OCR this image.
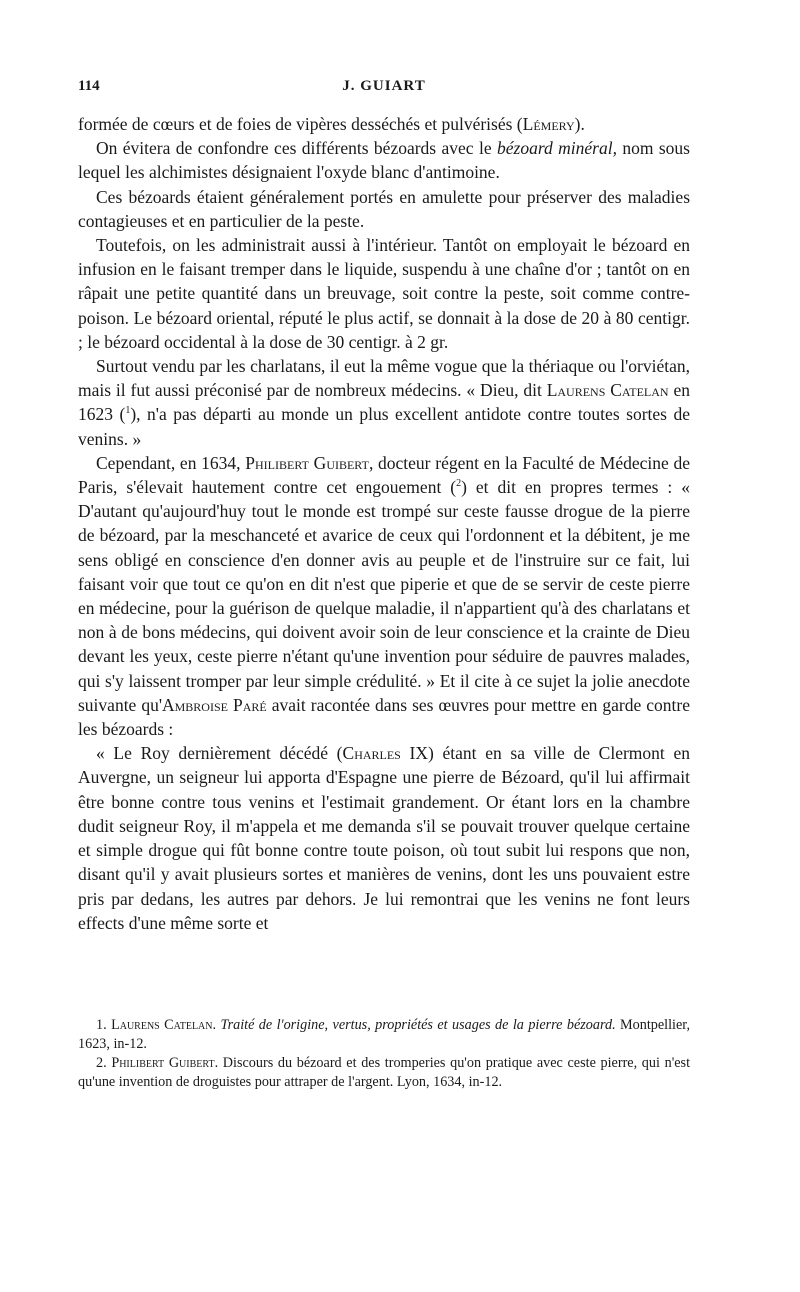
114	J. GUIART

formée de cœurs et de foies de vipères desséchés et pulvérisés (Lémery).

On évitera de confondre ces différents bézoards avec le bézoard minéral, nom sous lequel les alchimistes désignaient l'oxyde blanc d'antimoine.

Ces bézoards étaient généralement portés en amulette pour préserver des maladies contagieuses et en particulier de la peste.

Toutefois, on les administrait aussi à l'intérieur. Tantôt on employait le bézoard en infusion en le faisant tremper dans le liquide, suspendu à une chaîne d'or ; tantôt on en râpait une petite quantité dans un breuvage, soit contre la peste, soit comme contre-poison. Le bézoard oriental, réputé le plus actif, se donnait à la dose de 20 à 80 centigr. ; le bézoard occidental à la dose de 30 centigr. à 2 gr.

Surtout vendu par les charlatans, il eut la même vogue que la thériaque ou l'orviétan, mais il fut aussi préconisé par de nombreux médecins. « Dieu, dit Laurens Catelan en 1623 ($^1$), n'a pas départi au monde un plus excellent antidote contre toutes sortes de venins. »

Cependant, en 1634, Philibert Guibert, docteur régent en la Faculté de Médecine de Paris, s'élevait hautement contre cet engouement ($^2$) et dit en propres termes : « D'autant qu'aujourd'huy tout le monde est trompé sur ceste fausse drogue de la pierre de bézoard, par la meschanceté et avarice de ceux qui l'ordonnent et la débitent, je me sens obligé en conscience d'en donner avis au peuple et de l'instruire sur ce fait, lui faisant voir que tout ce qu'on en dit n'est que piperie et que de se servir de ceste pierre en médecine, pour la guérison de quelque maladie, il n'appartient qu'à des charlatans et non à de bons médecins, qui doivent avoir soin de leur conscience et la crainte de Dieu devant les yeux, ceste pierre n'étant qu'une invention pour séduire de pauvres malades, qui s'y laissent tromper par leur simple crédulité. » Et il cite à ce sujet la jolie anecdote suivante qu'Ambroise Paré avait racontée dans ses œuvres pour mettre en garde contre les bézoards :

« Le Roy dernièrement décédé (Charles IX) étant en sa ville de Clermont en Auvergne, un seigneur lui apporta d'Espagne une pierre de Bézoard, qu'il lui affirmait être bonne contre tous venins et l'estimait grandement. Or étant lors en la chambre dudit seigneur Roy, il m'appela et me demanda s'il se pouvait trouver quelque certaine et simple drogue qui fût bonne contre toute poison, où tout subit lui respons que non, disant qu'il y avait plusieurs sortes et manières de venins, dont les uns pouvaient estre pris par dedans, les autres par dehors. Je lui remontrai que les venins ne font leurs effects d'une même sorte et

1. Laurens Catelan. Traité de l'origine, vertus, propriétés et usages de la pierre bézoard. Montpellier, 1623, in-12.

2. Philibert Guibert. Discours du bézoard et des tromperies qu'on pratique avec ceste pierre, qui n'est qu'une invention de droguistes pour attraper de l'argent. Lyon, 1634, in-12.
